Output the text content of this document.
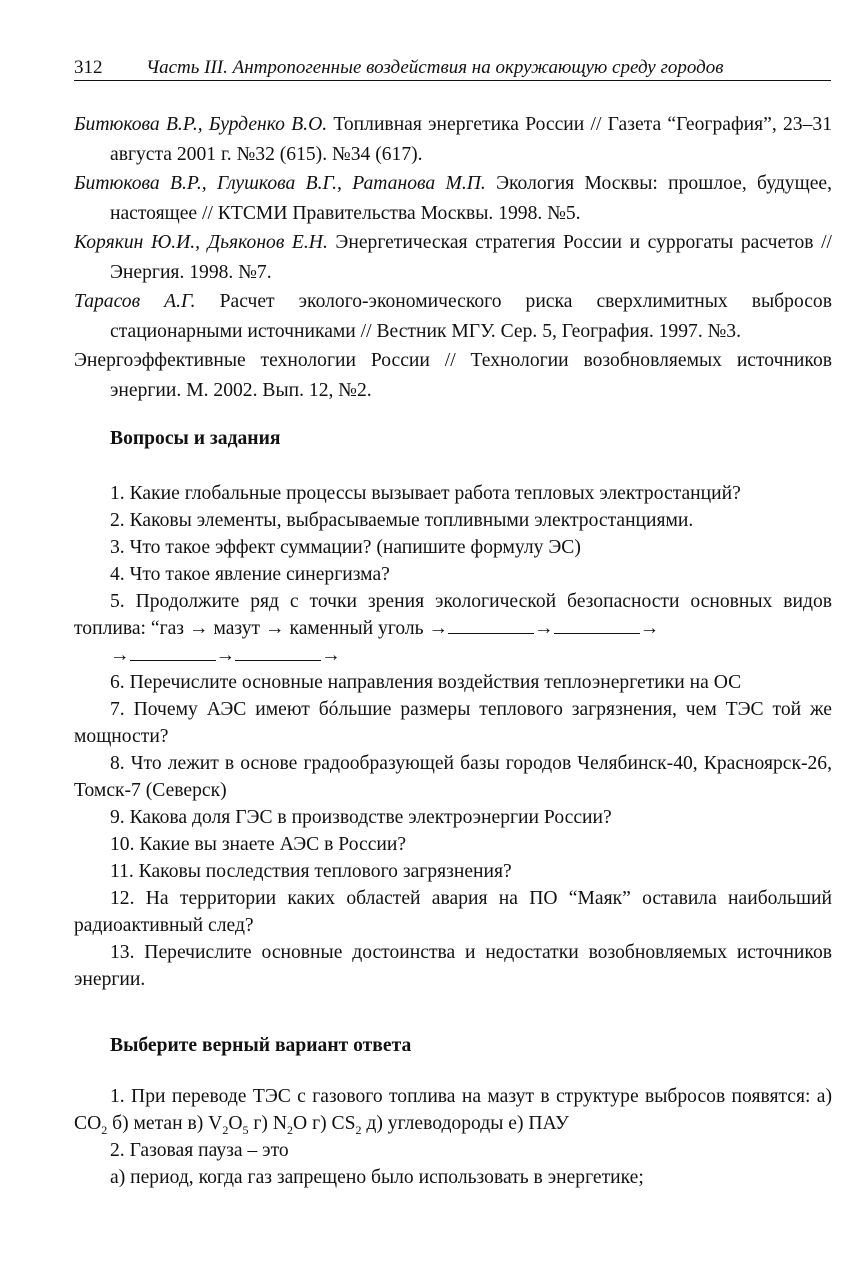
312 Часть III. Антропогенные воздействия на окружающую среду городов

Битюкова В.Р., Бурденко В.О. Топливная энергетика России // Газета “География”, 23–31 августа 2001 г. №32 (615). №34 (617).

Битюкова В.Р., Глушкова В.Г., Ратанова М.П. Экология Москвы: прошлое, будущее, настоящее // КТСМИ Правительства Москвы. 1998. №5.

Корякин Ю.И., Дьяконов Е.Н. Энергетическая стратегия России и суррогаты расчетов // Энергия. 1998. №7.

Тарасов А.Г. Расчет эколого-экономического риска сверхлимитных выбросов стационарными источниками // Вестник МГУ. Сер. 5, География. 1997. №3.

Энергоэффективные технологии России // Технологии возобновляемых источников энергии. М. 2002. Вып. 12, №2.

Вопросы и задания

1. Какие глобальные процессы вызывает работа тепловых электростанций?

2. Каковы элементы, выбрасываемые топливными электростанциями.

3. Что такое эффект суммации? (напишите формулу ЭС)

4. Что такое явление синергизма?

5. Продолжите ряд с точки зрения экологической безопасности основных видов топлива: “газ → мазут → каменный уголь →	→	→

→	→	→

6. Перечислите основные направления воздействия теплоэнергетики на ОС

7. Почему АЭС имеют бóльшие размеры теплового загрязнения, чем ТЭС той же мощности?

8. Что лежит в основе градообразующей базы городов Челябинск-40, Красноярск-26, Томск-7 (Северск)

9. Какова доля ГЭС в производстве электроэнергии России?

10. Какие вы знаете АЭС в России?

11. Каковы последствия теплового загрязнения?

12. На территории каких областей авария на ПО “Маяк” оставила наибольший радиоактивный след?

13. Перечислите основные достоинства и недостатки возобновляемых источников энергии.

Выберите верный вариант ответа

1. При переводе ТЭС с газового топлива на мазут в структуре выбросов появятся: а) $CO_2$ б) метан в) $V_2O_5$ г) $N_2O$ г) $CS_2$ д) углеводороды е) ПАУ

2. Газовая пауза – это

а) период, когда газ запрещено было использовать в энергетике;
